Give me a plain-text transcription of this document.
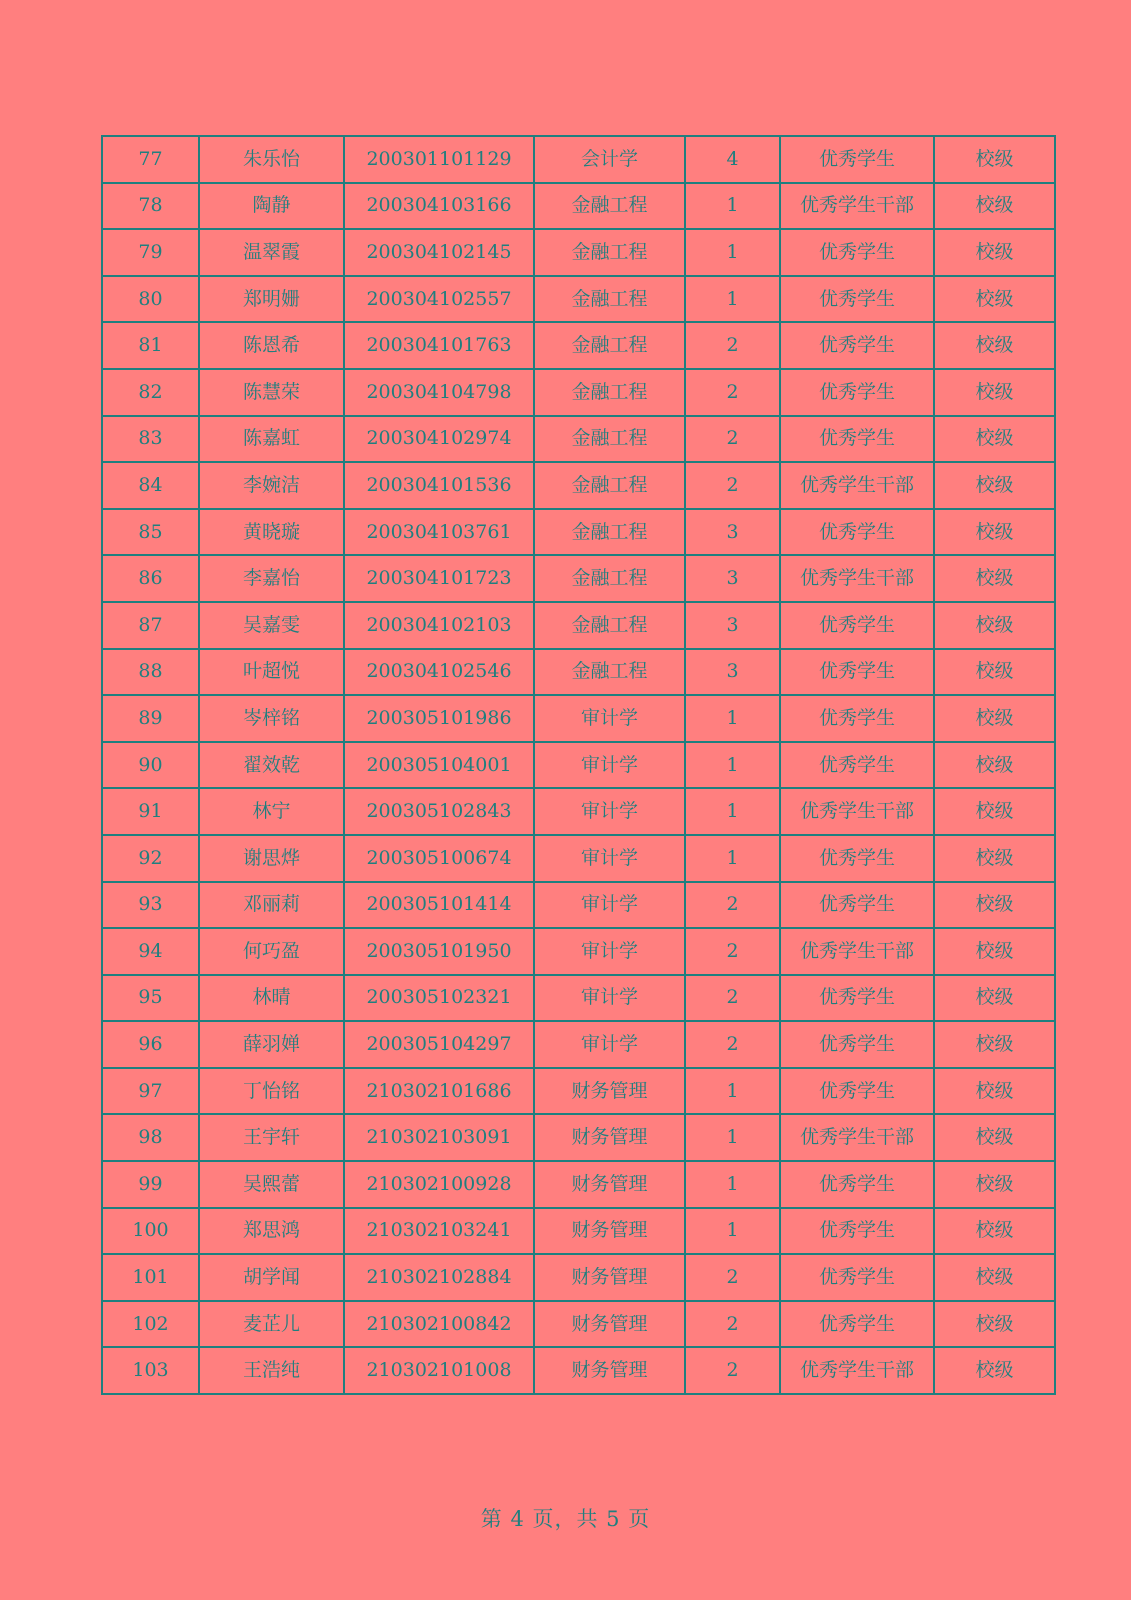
77	朱乐怡	200301101129	会计学	4	优秀学生	校级
78	陶静	200304103166	金融工程	1	优秀学生干部	校级
79	温翠霞	200304102145	金融工程	1	优秀学生	校级
80	郑明姗	200304102557	金融工程	1	优秀学生	校级
81	陈恩希	200304101763	金融工程	2	优秀学生	校级
82	陈慧荣	200304104798	金融工程	2	优秀学生	校级
83	陈嘉虹	200304102974	金融工程	2	优秀学生	校级
84	李婉洁	200304101536	金融工程	2	优秀学生干部	校级
85	黄晓璇	200304103761	金融工程	3	优秀学生	校级
86	李嘉怡	200304101723	金融工程	3	优秀学生干部	校级
87	吴嘉雯	200304102103	金融工程	3	优秀学生	校级
88	叶超悦	200304102546	金融工程	3	优秀学生	校级
89	岑梓铭	200305101986	审计学	1	优秀学生	校级
90	翟效乾	200305104001	审计学	1	优秀学生	校级
91	林宁	200305102843	审计学	1	优秀学生干部	校级
92	谢思烨	200305100674	审计学	1	优秀学生	校级
93	邓丽莉	200305101414	审计学	2	优秀学生	校级
94	何巧盈	200305101950	审计学	2	优秀学生干部	校级
95	林晴	200305102321	审计学	2	优秀学生	校级
96	薛羽婵	200305104297	审计学	2	优秀学生	校级
97	丁怡铭	210302101686	财务管理	1	优秀学生	校级
98	王宇轩	210302103091	财务管理	1	优秀学生干部	校级
99	吴熙蕾	210302100928	财务管理	1	优秀学生	校级
100	郑思鸿	210302103241	财务管理	1	优秀学生	校级
101	胡学闻	210302102884	财务管理	2	优秀学生	校级
102	麦芷儿	210302100842	财务管理	2	优秀学生	校级
103	王浩纯	210302101008	财务管理	2	优秀学生干部	校级
第 4 页，共 5 页
